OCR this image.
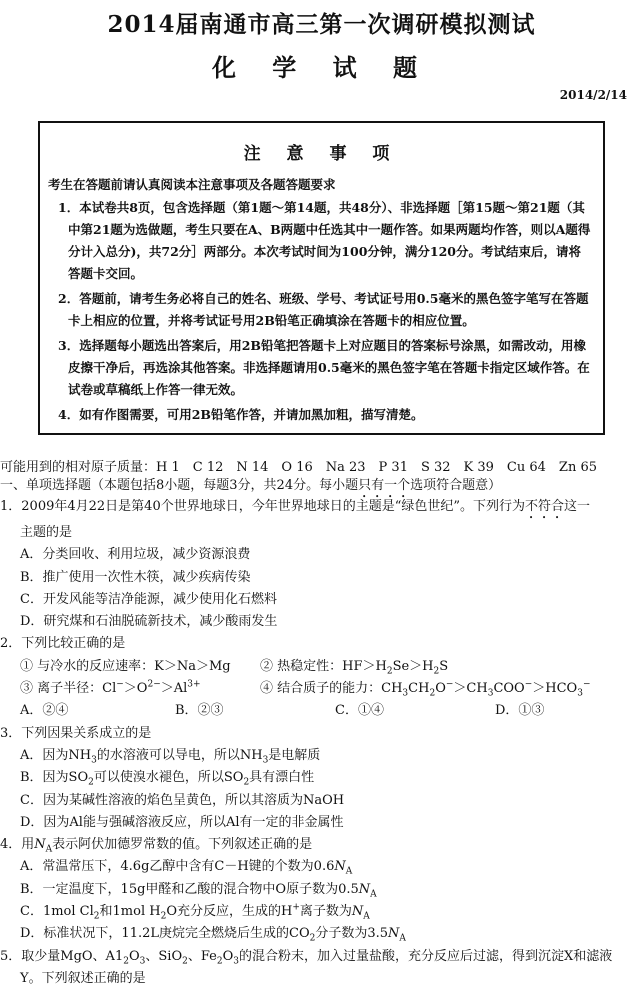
2014届南通市高三第一次调研模拟测试
化 学 试 题
2014/2/14
注 意 事 项
考生在答题前请认真阅读本注意事项及各题答题要求
1．本试卷共8页，包含选择题（第1题～第14题，共48分）、非选择题［第15题～第21题（其中第21题为选做题，考生只要在A、B两题中任选其中一题作答。如果两题均作答，则以A题得分计入总分)，共72分］两部分。本次考试时间为100分钟，满分120分。考试结束后，请将答题卡交回。
2．答题前，请考生务必将自己的姓名、班级、学号、考试证号用0.5毫米的黑色签字笔写在答题卡上相应的位置，并将考试证号用2B铅笔正确填涂在答题卡的相应位置。
3．选择题每小题选出答案后，用2B铅笔把答题卡上对应题目的答案标号涂黑，如需改动，用橡皮擦干净后，再选涂其他答案。非选择题请用0.5毫米的黑色签字笔在答题卡指定区域作答。在试卷或草稿纸上作答一律无效。
4．如有作图需要，可用2B铅笔作答，并请加黑加粗，描写清楚。
可能用到的相对原子质量：H 1　C 12　N 14　O 16　Na 23　P 31　S 32　K 39　Cu 64　Zn 65
一、单项选择题（本题包括8小题，每题3分，共24分。每小题只有一个选项符合题意）
1．2009年4月22日是第40个世界地球日，今年世界地球日的主题是“绿色世纪”。下列行为不符合这一
主题的是
A．分类回收、利用垃圾，减少资源浪费
B．推广使用一次性木筷，减少疾病传染
C．开发风能等洁净能源，减少使用化石燃料
D．研究煤和石油脱硫新技术，减少酸雨发生
2．下列比较正确的是
① 与冷水的反应速率：K＞Na＞Mg	② 热稳定性：$HF>H_2Se>H_2S$
③ 离子半径：$Cl^->O^{2-}>Al^{3+}$	④ 结合质子的能力：$CH_3CH_2O^->CH_3COO^->HCO_3^-$
A．②④	B．②③	C．①④	D．①③
3．下列因果关系成立的是
A．因为$NH_3$的水溶液可以导电，所以$NH_3$是电解质
B．因为$SO_2$可以使溴水褪色，所以$SO_2$具有漂白性
C．因为某碱性溶液的焰色呈黄色，所以其溶质为NaOH
D．因为Al能与强碱溶液反应，所以Al有一定的非金属性
4．用$N_A$表示阿伏加德罗常数的值。下列叙述正确的是
A．常温常压下，4.6g乙醇中含有C－H键的个数为$0.6N_A$
B．一定温度下，15g甲醛和乙酸的混合物中O原子数为$0.5N_A$
C．1mol $Cl_2$和1mol $H_2O$充分反应，生成的H+离子数为$N_A$
D．标准状况下，11.2L庚烷完全燃烧后生成的$CO_2$分子数为$3.5N_A$
5．取少量MgO、$A1_2O_3$、SiO$_2$、$Fe_2O_3$的混合粉末，加入过量盐酸，充分反应后过滤，得到沉淀X和滤液
Y。下列叙述正确的是
